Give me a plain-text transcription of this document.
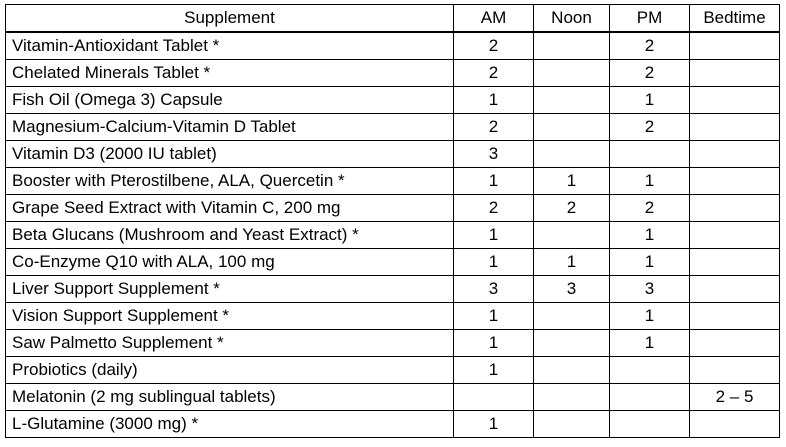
Supplement	AM	Noon	PM	Bedtime
Vitamin-Antioxidant Tablet *	2		2	
Chelated Minerals Tablet *	2		2	
Fish Oil (Omega 3) Capsule	1		1	
Magnesium-Calcium-Vitamin D Tablet	2		2	
Vitamin D3 (2000 IU tablet)	3			
Booster with Pterostilbene, ALA, Quercetin *	1	1	1	
Grape Seed Extract with Vitamin C, 200 mg	2	2	2	
Beta Glucans (Mushroom and Yeast Extract) *	1		1	
Co-Enzyme Q10 with ALA, 100 mg	1	1	1	
Liver Support Supplement *	3	3	3	
Vision Support Supplement *	1		1	
Saw Palmetto Supplement *	1		1	
Probiotics (daily)	1			
Melatonin (2 mg sublingual tablets)				2 – 5
L-Glutamine (3000 mg) *	1			
